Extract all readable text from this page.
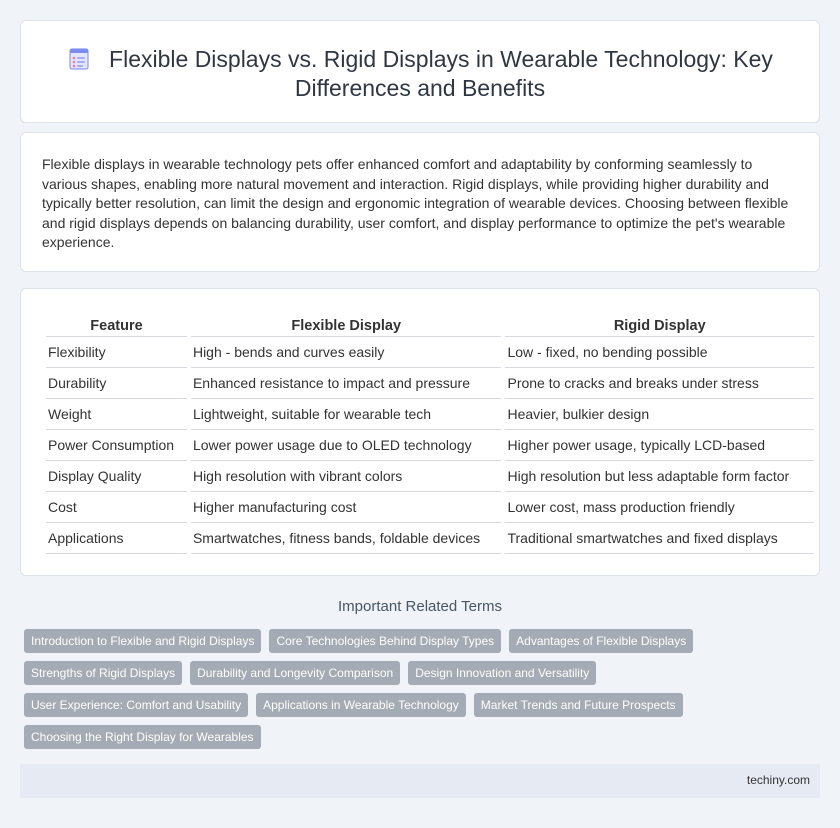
Flexible Displays vs. Rigid Displays in Wearable Technology: Key Differences and Benefits

Flexible displays in wearable technology pets offer enhanced comfort and adaptability by conforming seamlessly to various shapes, enabling more natural movement and interaction. Rigid displays, while providing higher durability and typically better resolution, can limit the design and ergonomic integration of wearable devices. Choosing between flexible and rigid displays depends on balancing durability, user comfort, and display performance to optimize the pet's wearable experience.

Feature	Flexible Display	Rigid Display
Flexibility	High - bends and curves easily	Low - fixed, no bending possible
Durability	Enhanced resistance to impact and pressure	Prone to cracks and breaks under stress
Weight	Lightweight, suitable for wearable tech	Heavier, bulkier design
Power Consumption	Lower power usage due to OLED technology	Higher power usage, typically LCD-based
Display Quality	High resolution with vibrant colors	High resolution but less adaptable form factor
Cost	Higher manufacturing cost	Lower cost, mass production friendly
Applications	Smartwatches, fitness bands, foldable devices	Traditional smartwatches and fixed displays
Important Related Terms
Introduction to Flexible and Rigid Displays	Core Technologies Behind Display Types	Advantages of Flexible Displays
Strengths of Rigid Displays	Durability and Longevity Comparison	Design Innovation and Versatility
User Experience: Comfort and Usability	Applications in Wearable Technology	Market Trends and Future Prospects
Choosing the Right Display for Wearables
techiny.com
